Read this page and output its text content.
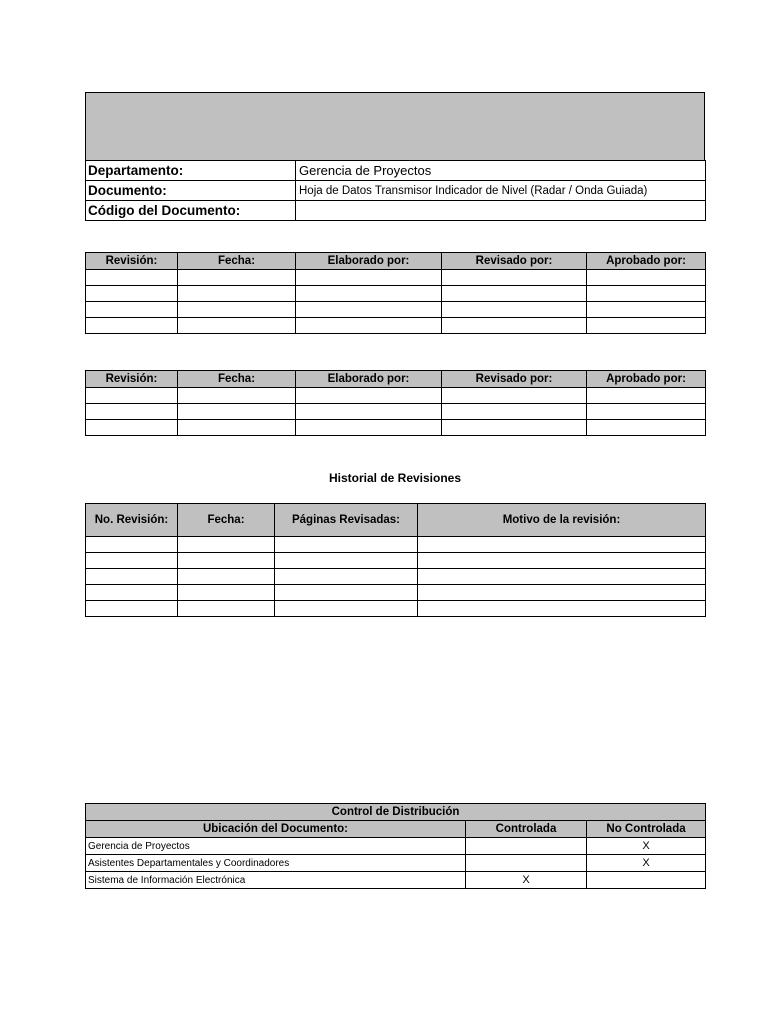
Departamento:	Gerencia de Proyectos
Documento:	Hoja de Datos Transmisor Indicador de Nivel (Radar / Onda Guiada)
Código del Documento:	
Revisión:	Fecha:	Elaborado por:	Revisado por:	Aprobado por:

Revisión:	Fecha:	Elaborado por:	Revisado por:	Aprobado por:

Historial de Revisiones
No. Revisión:	Fecha:	Páginas Revisadas:	Motivo de la revisión:

Control de Distribución		
Ubicación del Documento:	Controlada	No Controlada
Gerencia de Proyectos		X
Asistentes Departamentales y Coordinadores		X
Sistema de Información Electrónica	X	
